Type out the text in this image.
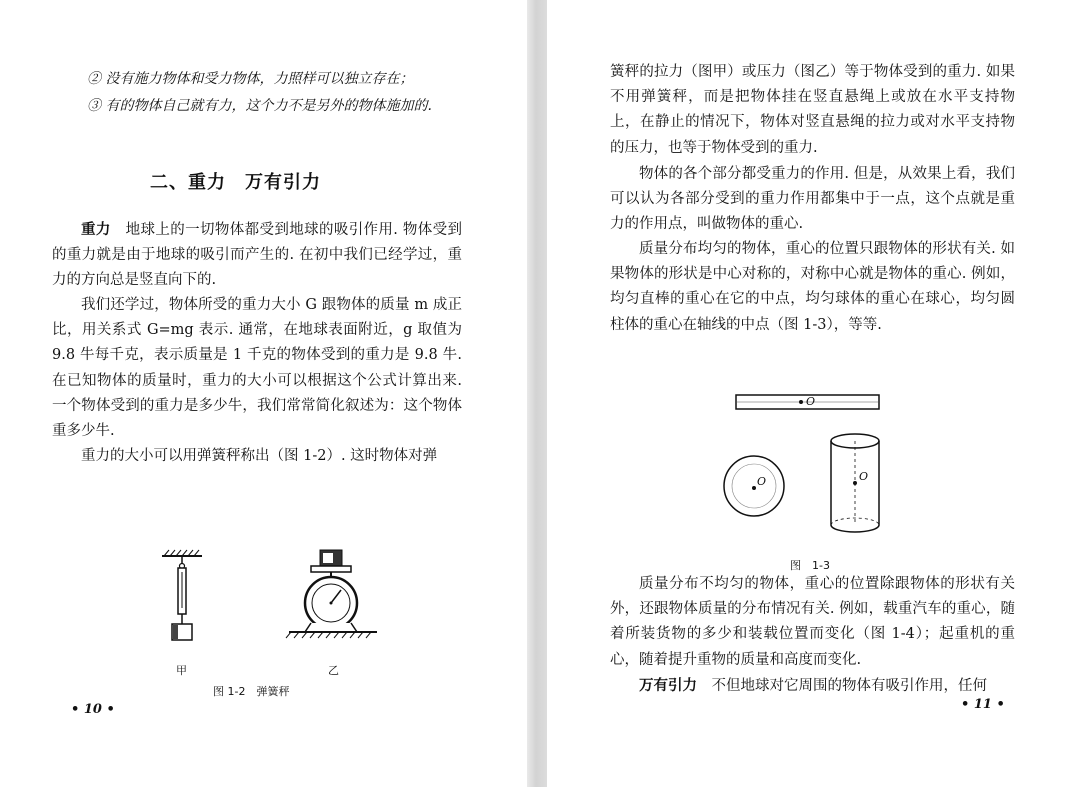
② 没有施力物体和受力物体，力照样可以独立存在；

③ 有的物体自己就有力，这个力不是另外的物体施加的.

二、重力　万有引力

重力　地球上的一切物体都受到地球的吸引作用. 物体受到的重力就是由于地球的吸引而产生的. 在初中我们已经学过，重力的方向总是竖直向下的.

我们还学过，物体所受的重力大小 G 跟物体的质量 m 成正比，用关系式 G=mg 表示. 通常，在地球表面附近，g 取值为 9.8 牛每千克，表示质量是 1 千克的物体受到的重力是 9.8 牛. 在已知物体的质量时，重力的大小可以根据这个公式计算出来. 一个物体受到的重力是多少牛，我们常常简化叙述为：这个物体重多少牛.

重力的大小可以用弹簧秤称出（图 1-2）. 这时物体对弹

甲	乙
图 1-2　弹簧秤
• 10 •

簧秤的拉力（图甲）或压力（图乙）等于物体受到的重力. 如果不用弹簧秤，而是把物体挂在竖直悬绳上或放在水平支持物上，在静止的情况下，物体对竖直悬绳的拉力或对水平支持物的压力，也等于物体受到的重力.

物体的各个部分都受重力的作用. 但是，从效果上看，我们可以认为各部分受到的重力作用都集中于一点，这个点就是重力的作用点，叫做物体的重心.

质量分布均匀的物体，重心的位置只跟物体的形状有关. 如果物体的形状是中心对称的，对称中心就是物体的重心. 例如，均匀直棒的重心在它的中点，均匀球体的重心在球心，均匀圆柱体的重心在轴线的中点（图 1-3），等等.

O
O	O
图　1-3

质量分布不均匀的物体，重心的位置除跟物体的形状有关外，还跟物体质量的分布情况有关. 例如，载重汽车的重心，随着所装货物的多少和装载位置而变化（图 1-4）；起重机的重心，随着提升重物的质量和高度而变化.

万有引力　不但地球对它周围的物体有吸引作用，任何

• 11 •
